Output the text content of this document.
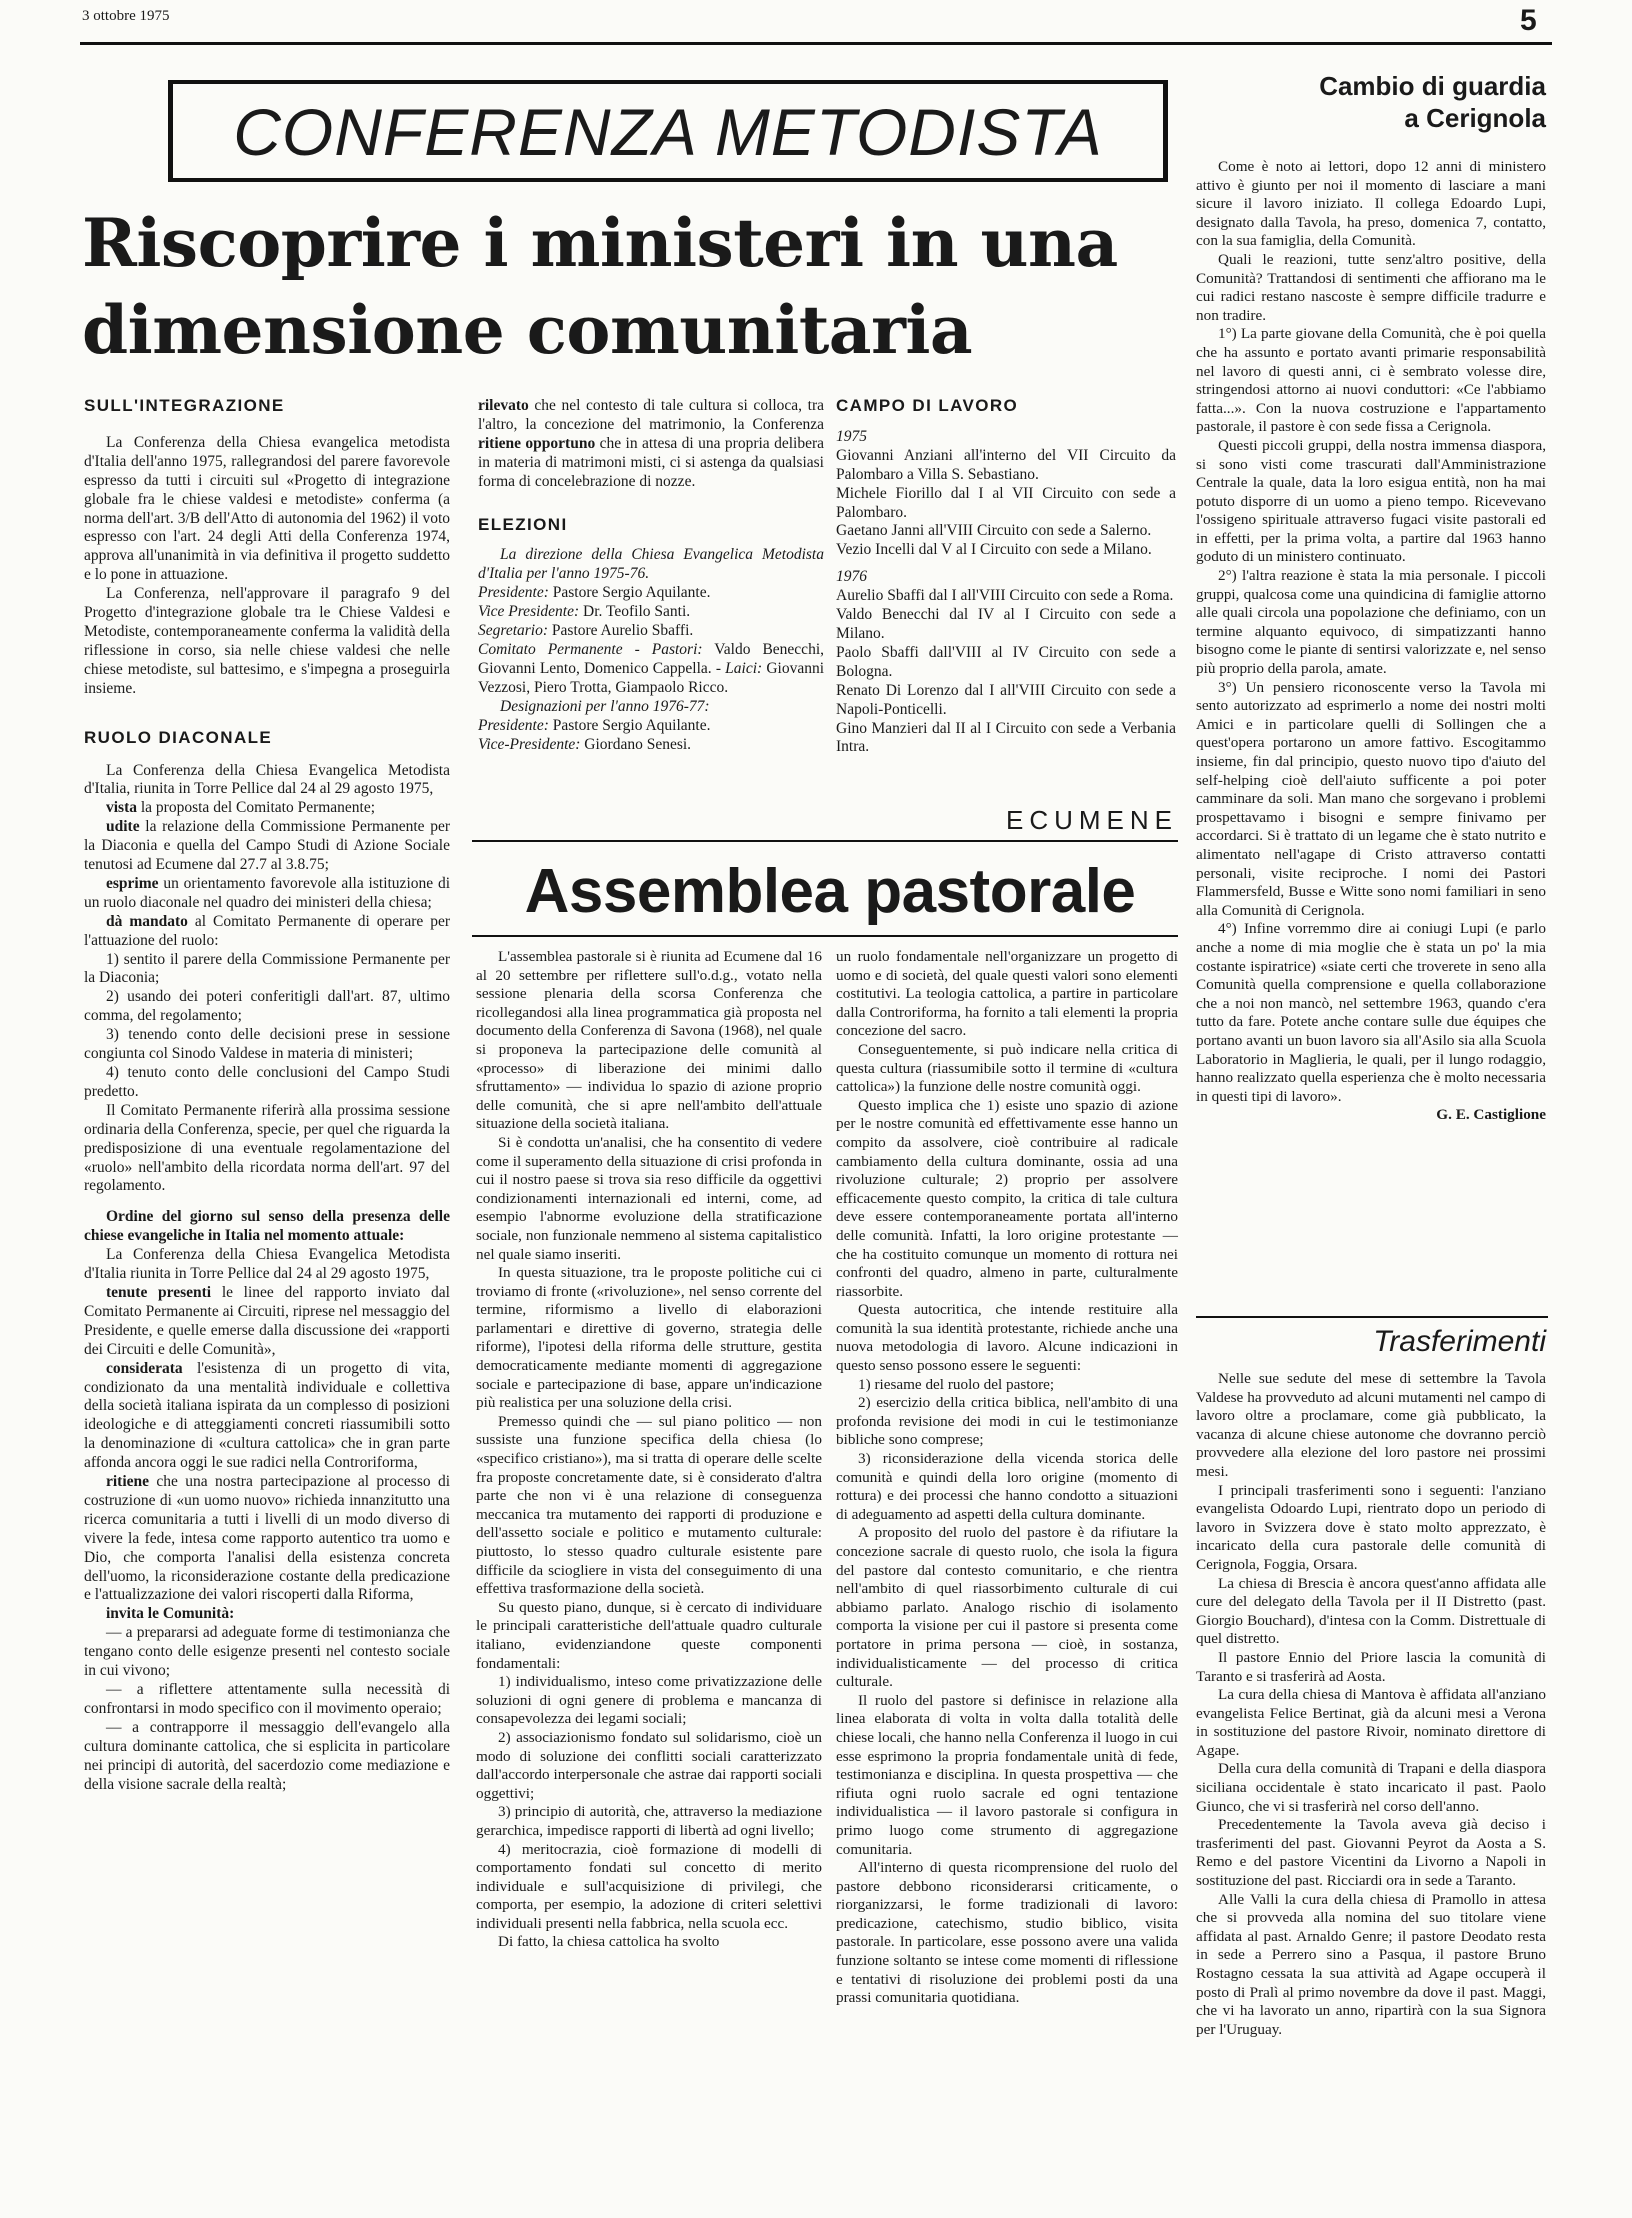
3 ottobre 1975	5
CONFERENZA METODISTA
Riscoprire i ministeri in una
dimensione comunitaria
SULL'INTEGRAZIONE

La Conferenza della Chiesa evangelica metodista d'Italia dell'anno 1975, rallegrandosi del parere favorevole espresso da tutti i circuiti sul «Progetto di integrazione globale fra le chiese valdesi e metodiste» conferma (a norma dell'art. 3/B dell'Atto di autonomia del 1962) il voto espresso con l'art. 24 degli Atti della Conferenza 1974, approva all'unanimità in via definitiva il progetto suddetto e lo pone in attuazione.

La Conferenza, nell'approvare il paragrafo 9 del Progetto d'integrazione globale tra le Chiese Valdesi e Metodiste, contemporaneamente conferma la validità della riflessione in corso, sia nelle chiese valdesi che nelle chiese metodiste, sul battesimo, e s'impegna a proseguirla insieme.

RUOLO DIACONALE

La Conferenza della Chiesa Evangelica Metodista d'Italia, riunita in Torre Pellice dal 24 al 29 agosto 1975,

vista la proposta del Comitato Permanente;

udite la relazione della Commissione Permanente per la Diaconia e quella del Campo Studi di Azione Sociale tenutosi ad Ecumene dal 27.7 al 3.8.75;

esprime un orientamento favorevole alla istituzione di un ruolo diaconale nel quadro dei ministeri della chiesa;

dà mandato al Comitato Permanente di operare per l'attuazione del ruolo:

1) sentito il parere della Commissione Permanente per la Diaconia;

2) usando dei poteri conferitigli dall'art. 87, ultimo comma, del regolamento;

3) tenendo conto delle decisioni prese in sessione congiunta col Sinodo Valdese in materia di ministeri;

4) tenuto conto delle conclusioni del Campo Studi predetto.

Il Comitato Permanente riferirà alla prossima sessione ordinaria della Conferenza, specie, per quel che riguarda la predisposizione di una eventuale regolamentazione del «ruolo» nell'ambito della ricordata norma dell'art. 97 del regolamento.

Ordine del giorno sul senso della presenza delle chiese evangeliche in Italia nel momento attuale:

La Conferenza della Chiesa Evangelica Metodista d'Italia riunita in Torre Pellice dal 24 al 29 agosto 1975,

tenute presenti le linee del rapporto inviato dal Comitato Permanente ai Circuiti, riprese nel messaggio del Presidente, e quelle emerse dalla discussione dei «rapporti dei Circuiti e delle Comunità»,

considerata l'esistenza di un progetto di vita, condizionato da una mentalità individuale e collettiva della società italiana ispirata da un complesso di posizioni ideologiche e di atteggiamenti concreti riassumibili sotto la denominazione di «cultura cattolica» che in gran parte affonda ancora oggi le sue radici nella Controriforma,

ritiene che una nostra partecipazione al processo di costruzione di «un uomo nuovo» richieda innanzitutto una ricerca comunitaria a tutti i livelli di un modo diverso di vivere la fede, intesa come rapporto autentico tra uomo e Dio, che comporta l'analisi della esistenza concreta dell'uomo, la riconsiderazione costante della predicazione e l'attualizzazione dei valori riscoperti dalla Riforma,

invita le Comunità:

— a prepararsi ad adeguate forme di testimonianza che tengano conto delle esigenze presenti nel contesto sociale in cui vivono;

— a riflettere attentamente sulla necessità di confrontarsi in modo specifico con il movimento operaio;

— a contrapporre il messaggio dell'evangelo alla cultura dominante cattolica, che si esplicita in particolare nei principi di autorità, del sacerdozio come mediazione e della visione sacrale della realtà;

rilevato che nel contesto di tale cultura si colloca, tra l'altro, la concezione del matrimonio, la Conferenza ritiene opportuno che in attesa di una propria delibera in materia di matrimoni misti, ci si astenga da qualsiasi forma di concelebrazione di nozze.

ELEZIONI

La direzione della Chiesa Evangelica Metodista d'Italia per l'anno 1975-76.

Presidente: Pastore Sergio Aquilante.

Vice Presidente: Dr. Teofilo Santi.

Segretario: Pastore Aurelio Sbaffi.

Comitato Permanente - Pastori: Valdo Benecchi, Giovanni Lento, Domenico Cappella. - Laici: Giovanni Vezzosi, Piero Trotta, Giampaolo Ricco.

Designazioni per l'anno 1976-77:

Presidente: Pastore Sergio Aquilante.

Vice-Presidente: Giordano Senesi.

CAMPO DI LAVORO

1975

Giovanni Anziani all'interno del VII Circuito da Palombaro a Villa S. Sebastiano.

Michele Fiorillo dal I al VII Circuito con sede a Palombaro.

Gaetano Janni all'VIII Circuito con sede a Salerno.

Vezio Incelli dal V al I Circuito con sede a Milano.

1976

Aurelio Sbaffi dal I all'VIII Circuito con sede a Roma.

Valdo Benecchi dal IV al I Circuito con sede a Milano.

Paolo Sbaffi dall'VIII al IV Circuito con sede a Bologna.

Renato Di Lorenzo dal I all'VIII Circuito con sede a Napoli-Ponticelli.

Gino Manzieri dal II al I Circuito con sede a Verbania Intra.

ECUMENE
Assemblea pastorale

L'assemblea pastorale si è riunita ad Ecumene dal 16 al 20 settembre per riflettere sull'o.d.g., votato nella sessione plenaria della scorsa Conferenza che ricollegandosi alla linea programmatica già proposta nel documento della Conferenza di Savona (1968), nel quale si proponeva la partecipazione delle comunità al «processo» di liberazione dei minimi dallo sfruttamento» — individua lo spazio di azione proprio delle comunità, che si apre nell'ambito dell'attuale situazione della società italiana.

Si è condotta un'analisi, che ha consentito di vedere come il superamento della situazione di crisi profonda in cui il nostro paese si trova sia reso difficile da oggettivi condizionamenti internazionali ed interni, come, ad esempio l'abnorme evoluzione della stratificazione sociale, non funzionale nemmeno al sistema capitalistico nel quale siamo inseriti.

In questa situazione, tra le proposte politiche cui ci troviamo di fronte («rivoluzione», nel senso corrente del termine, riformismo a livello di elaborazioni parlamentari e direttive di governo, strategia delle riforme), l'ipotesi della riforma delle strutture, gestita democraticamente mediante momenti di aggregazione sociale e partecipazione di base, appare un'indicazione più realistica per una soluzione della crisi.

Premesso quindi che — sul piano politico — non sussiste una funzione specifica della chiesa (lo «specifico cristiano»), ma si tratta di operare delle scelte fra proposte concretamente date, si è considerato d'altra parte che non vi è una relazione di conseguenza meccanica tra mutamento dei rapporti di produzione e dell'assetto sociale e politico e mutamento culturale: piuttosto, lo stesso quadro culturale esistente pare difficile da sciogliere in vista del conseguimento di una effettiva trasformazione della società.

Su questo piano, dunque, si è cercato di individuare le principali caratteristiche dell'attuale quadro culturale italiano, evidenziandone queste componenti fondamentali:

1) individualismo, inteso come privatizzazione delle soluzioni di ogni genere di problema e mancanza di consapevolezza dei legami sociali;

2) associazionismo fondato sul solidarismo, cioè un modo di soluzione dei conflitti sociali caratterizzato dall'accordo interpersonale che astrae dai rapporti sociali oggettivi;

3) principio di autorità, che, attraverso la mediazione gerarchica, impedisce rapporti di libertà ad ogni livello;

4) meritocrazia, cioè formazione di modelli di comportamento fondati sul concetto di merito individuale e sull'acquisizione di privilegi, che comporta, per esempio, la adozione di criteri selettivi individuali presenti nella fabbrica, nella scuola ecc.

Di fatto, la chiesa cattolica ha svolto

un ruolo fondamentale nell'organizzare un progetto di uomo e di società, del quale questi valori sono elementi costitutivi. La teologia cattolica, a partire in particolare dalla Controriforma, ha fornito a tali elementi la propria concezione del sacro.

Conseguentemente, si può indicare nella critica di questa cultura (riassumibile sotto il termine di «cultura cattolica») la funzione delle nostre comunità oggi.

Questo implica che 1) esiste uno spazio di azione per le nostre comunità ed effettivamente esse hanno un compito da assolvere, cioè contribuire al radicale cambiamento della cultura dominante, ossia ad una rivoluzione culturale; 2) proprio per assolvere efficacemente questo compito, la critica di tale cultura deve essere contemporaneamente portata all'interno delle comunità. Infatti, la loro origine protestante — che ha costituito comunque un momento di rottura nei confronti del quadro, almeno in parte, culturalmente riassorbite.

Questa autocritica, che intende restituire alla comunità la sua identità protestante, richiede anche una nuova metodologia di lavoro. Alcune indicazioni in questo senso possono essere le seguenti:

1) riesame del ruolo del pastore;

2) esercizio della critica biblica, nell'ambito di una profonda revisione dei modi in cui le testimonianze bibliche sono comprese;

3) riconsiderazione della vicenda storica delle comunità e quindi della loro origine (momento di rottura) e dei processi che hanno condotto a situazioni di adeguamento ad aspetti della cultura dominante.

A proposito del ruolo del pastore è da rifiutare la concezione sacrale di questo ruolo, che isola la figura del pastore dal contesto comunitario, e che rientra nell'ambito di quel riassorbimento culturale di cui abbiamo parlato. Analogo rischio di isolamento comporta la visione per cui il pastore si presenta come portatore in prima persona — cioè, in sostanza, individualisticamente — del processo di critica culturale.

Il ruolo del pastore si definisce in relazione alla linea elaborata di volta in volta dalla totalità delle chiese locali, che hanno nella Conferenza il luogo in cui esse esprimono la propria fondamentale unità di fede, testimonianza e disciplina. In questa prospettiva — che rifiuta ogni ruolo sacrale ed ogni tentazione individualistica — il lavoro pastorale si configura in primo luogo come strumento di aggregazione comunitaria.

All'interno di questa ricomprensione del ruolo del pastore debbono riconsiderarsi criticamente, o riorganizzarsi, le forme tradizionali di lavoro: predicazione, catechismo, studio biblico, visita pastorale. In particolare, esse possono avere una valida funzione soltanto se intese come momenti di riflessione e tentativi di risoluzione dei problemi posti da una prassi comunitaria quotidiana.

Cambio di guardia
a Cerignola

Come è noto ai lettori, dopo 12 anni di ministero attivo è giunto per noi il momento di lasciare a mani sicure il lavoro iniziato. Il collega Edoardo Lupi, designato dalla Tavola, ha preso, domenica 7, contatto, con la sua famiglia, della Comunità.

Quali le reazioni, tutte senz'altro positive, della Comunità? Trattandosi di sentimenti che affiorano ma le cui radici restano nascoste è sempre difficile tradurre e non tradire.

1°) La parte giovane della Comunità, che è poi quella che ha assunto e portato avanti primarie responsabilità nel lavoro di questi anni, ci è sembrato volesse dire, stringendosi attorno ai nuovi conduttori: «Ce l'abbiamo fatta...». Con la nuova costruzione e l'appartamento pastorale, il pastore è con sede fissa a Cerignola.

Questi piccoli gruppi, della nostra immensa diaspora, si sono visti come trascurati dall'Amministrazione Centrale la quale, data la loro esigua entità, non ha mai potuto disporre di un uomo a pieno tempo. Ricevevano l'ossigeno spirituale attraverso fugaci visite pastorali ed in effetti, per la prima volta, a partire dal 1963 hanno goduto di un ministero continuato.

2°) l'altra reazione è stata la mia personale. I piccoli gruppi, qualcosa come una quindicina di famiglie attorno alle quali circola una popolazione che definiamo, con un termine alquanto equivoco, di simpatizzanti hanno bisogno come le piante di sentirsi valorizzate e, nel senso più proprio della parola, amate.

3°) Un pensiero riconoscente verso la Tavola mi sento autorizzato ad esprimerlo a nome dei nostri molti Amici e in particolare quelli di Sollingen che a quest'opera portarono un amore fattivo. Escogitammo insieme, fin dal principio, questo nuovo tipo d'aiuto del self-helping cioè dell'aiuto sufficente a poi poter camminare da soli. Man mano che sorgevano i problemi prospettavamo i bisogni e sempre finivamo per accordarci. Si è trattato di un legame che è stato nutrito e alimentato nell'agape di Cristo attraverso contatti personali, visite reciproche. I nomi dei Pastori Flammersfeld, Busse e Witte sono nomi familiari in seno alla Comunità di Cerignola.

4°) Infine vorremmo dire ai coniugi Lupi (e parlo anche a nome di mia moglie che è stata un po' la mia costante ispiratrice) «siate certi che troverete in seno alla Comunità quella comprensione e quella collaborazione che a noi non mancò, nel settembre 1963, quando c'era tutto da fare. Potete anche contare sulle due équipes che portano avanti un buon lavoro sia all'Asilo sia alla Scuola Laboratorio in Maglieria, le quali, per il lungo rodaggio, hanno realizzato quella esperienza che è molto necessaria in questi tipi di lavoro».

G. E. Castiglione

Trasferimenti

Nelle sue sedute del mese di settembre la Tavola Valdese ha provveduto ad alcuni mutamenti nel campo di lavoro oltre a proclamare, come già pubblicato, la vacanza di alcune chiese autonome che dovranno perciò provvedere alla elezione del loro pastore nei prossimi mesi.

I principali trasferimenti sono i seguenti: l'anziano evangelista Odoardo Lupi, rientrato dopo un periodo di lavoro in Svizzera dove è stato molto apprezzato, è incaricato della cura pastorale delle comunità di Cerignola, Foggia, Orsara.

La chiesa di Brescia è ancora quest'anno affidata alle cure del delegato della Tavola per il II Distretto (past. Giorgio Bouchard), d'intesa con la Comm. Distrettuale di quel distretto.

Il pastore Ennio del Priore lascia la comunità di Taranto e si trasferirà ad Aosta.

La cura della chiesa di Mantova è affidata all'anziano evangelista Felice Bertinat, già da alcuni mesi a Verona in sostituzione del pastore Rivoir, nominato direttore di Agape.

Della cura della comunità di Trapani e della diaspora siciliana occidentale è stato incaricato il past. Paolo Giunco, che vi si trasferirà nel corso dell'anno.

Precedentemente la Tavola aveva già deciso i trasferimenti del past. Giovanni Peyrot da Aosta a S. Remo e del pastore Vicentini da Livorno a Napoli in sostituzione del past. Ricciardi ora in sede a Taranto.

Alle Valli la cura della chiesa di Pramollo in attesa che si provveda alla nomina del suo titolare viene affidata al past. Arnaldo Genre; il pastore Deodato resta in sede a Perrero sino a Pasqua, il pastore Bruno Rostagno cessata la sua attività ad Agape occuperà il posto di Pralì al primo novembre da dove il past. Maggi, che vi ha lavorato un anno, ripartirà con la sua Signora per l'Uruguay.
